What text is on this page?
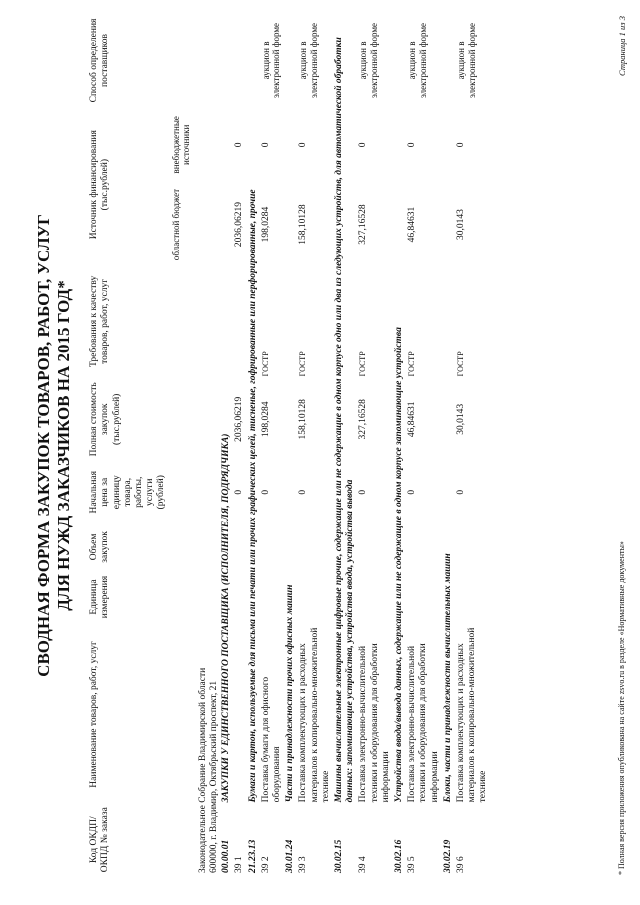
СВОДНАЯ ФОРМА ЗАКУПОК ТОВАРОВ, РАБОТ, УСЛУГ ДЛЯ НУЖД ЗАКАЗЧИКОВ НА 2015 ГОД*
Код ОКДП/ ОКПД № заказа	Наименование товаров, работ, услуг	Единица измерения	Объем закупок	Начальная цена за единицу товара, работы, услуги (рублей)	Полная стоимость закупок (тыс.рублей)	Требования к качеству товаров, работ, услуг	Источник финансирования (тыс.рублей)		Способ определения поставщиков
							областной бюджет	внебюджетные источники	
Законодательное Собрание Владимирской области									
600000, г. Владимир, Октябрьский проспект, 21									
00.00.01	ЗАКУПКИ У ЕДИНСТВЕННОГО ПОСТАВЩИКА (ИСПОЛНИТЕЛЯ, ПОДРЯДЧИКА)								
39 1				0	2036,06219		2036,06219	0	
21.23.13	Бумаги и картон, используемые для письма или печати или прочих графических целей, тисненые, гофрированные или перфорированные, прочие								
39 2	Поставка бумаги для офисного оборудования			0	198,0284	ГОСТР	198,0284	0	аукцион в электронной форме
30.01.24	Части и принадлежности прочих офисных машин								
39 3	Поставка комплектующих и расходных материалов к копировально-множительной технике			0	158,10128	ГОСТР	158,10128	0	аукцион в электронной форме
30.02.15	Машины вычислительные электронные цифровые прочие, содержащие или не содержащие в одном корпусе одно или два из следующих устройств, для автоматической обработки данных: запоминающие устройства, устройства ввода, устройства вывода								
39 4	Поставка электронно-вычислительной техники и оборудования для обработки информации			0	327,16528	ГОСТР	327,16528	0	аукцион в электронной форме
30.02.16	Устройства ввода/вывода данных, содержащие или не содержащие в одном корпусе запоминающие устройства								
39 5	Поставка электронно-вычислительной техники и оборудования для обработки информации			0	46,84631	ГОСТР	46,84631	0	аукцион в электронной форме
30.02.19	Блоки, части и принадлежности вычислительных машин								
39 6	Поставка комплектующих и расходных материалов к копировально-множительной технике			0	30,0143	ГОСТР	30,0143	0	аукцион в электронной форме
* Полная версия приложения опубликована на сайте zsvo.ru в разделе «Нормативные документы»
Страница 1 из 3
